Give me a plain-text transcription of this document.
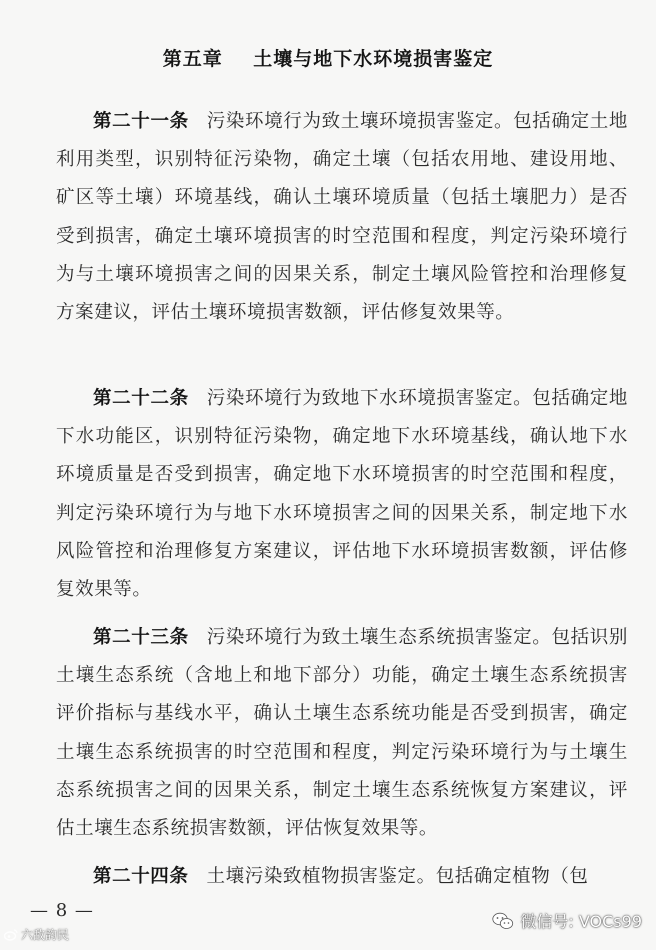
第五章    土壤与地下水环境损害鉴定
第二十一条 污染环境行为致土壤环境损害鉴定。包括确定土地利用类型，识别特征污染物，确定土壤（包括农用地、建设用地、矿区等土壤）环境基线，确认土壤环境质量（包括土壤肥力）是否受到损害，确定土壤环境损害的时空范围和程度，判定污染环境行为与土壤环境损害之间的因果关系，制定土壤风险管控和治理修复方案建议，评估土壤环境损害数额，评估修复效果等。
第二十二条 污染环境行为致地下水环境损害鉴定。包括确定地下水功能区，识别特征污染物，确定地下水环境基线，确认地下水环境质量是否受到损害，确定地下水环境损害的时空范围和程度，判定污染环境行为与地下水环境损害之间的因果关系，制定地下水风险管控和治理修复方案建议，评估地下水环境损害数额，评估修复效果等。
第二十三条 污染环境行为致土壤生态系统损害鉴定。包括识别土壤生态系统（含地上和地下部分）功能，确定土壤生态系统损害评价指标与基线水平，确认土壤生态系统功能是否受到损害，确定土壤生态系统损害的时空范围和程度，判定污染环境行为与土壤生态系统损害之间的因果关系，制定土壤生态系统恢复方案建议，评估土壤生态系统损害数额，评估恢复效果等。
第二十四条 土壤污染致植物损害鉴定。包括确定植物（包
— 8 —
六敌韵民
微信号: VOCs99
